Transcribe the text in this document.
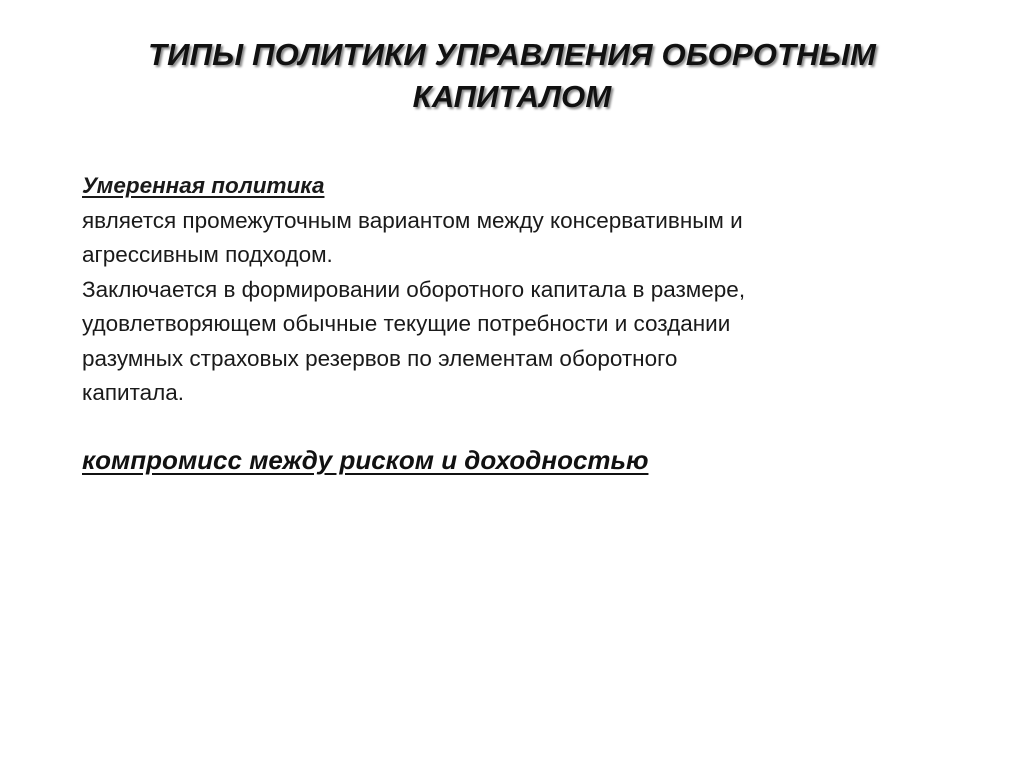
ТИПЫ ПОЛИТИКИ УПРАВЛЕНИЯ ОБОРОТНЫМ
КАПИТАЛОМ
Умеренная политика
является промежуточным вариантом между консервативным и
агрессивным подходом.
Заключается в формировании оборотного капитала в размере,
удовлетворяющем обычные текущие потребности и создании
разумных страховых резервов по элементам оборотного
капитала.
компромисс между риском и доходностью
